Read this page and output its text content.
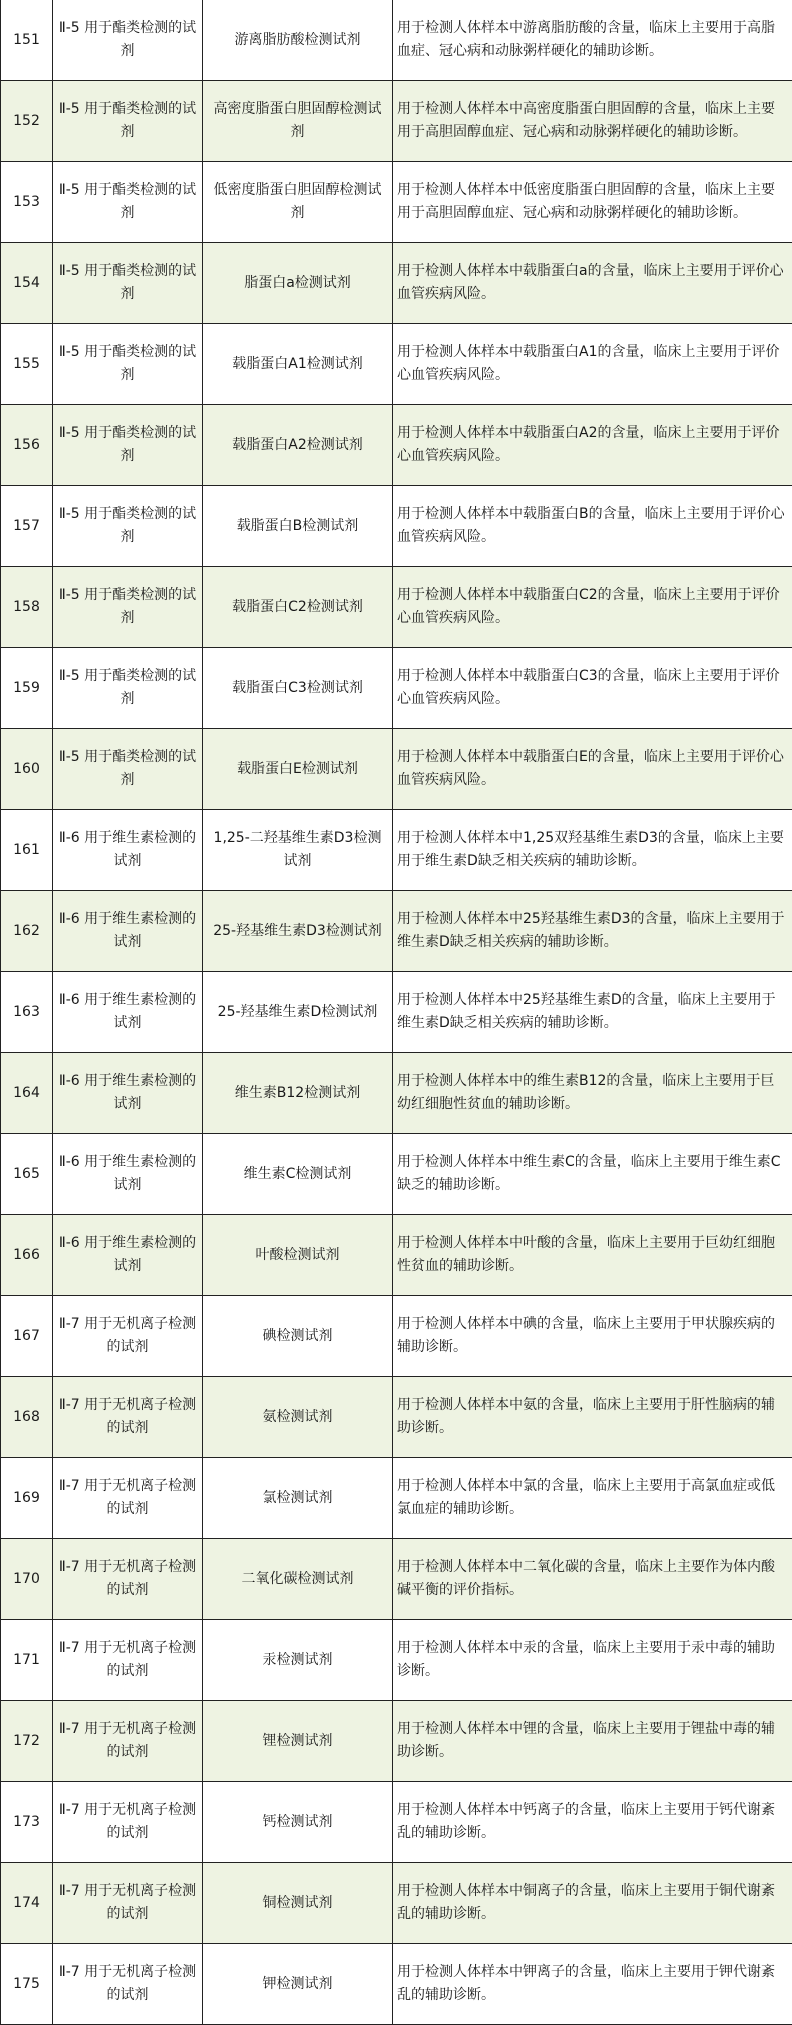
151	Ⅱ-5 用于酯类检测的试剂	游离脂肪酸检测试剂	用于检测人体样本中游离脂肪酸的含量，临床上主要用于高脂血症、冠心病和动脉粥样硬化的辅助诊断。
152	Ⅱ-5 用于酯类检测的试剂	高密度脂蛋白胆固醇检测试剂	用于检测人体样本中高密度脂蛋白胆固醇的含量，临床上主要用于高胆固醇血症、冠心病和动脉粥样硬化的辅助诊断。
153	Ⅱ-5 用于酯类检测的试剂	低密度脂蛋白胆固醇检测试剂	用于检测人体样本中低密度脂蛋白胆固醇的含量，临床上主要用于高胆固醇血症、冠心病和动脉粥样硬化的辅助诊断。
154	Ⅱ-5 用于酯类检测的试剂	脂蛋白a检测试剂	用于检测人体样本中载脂蛋白a的含量，临床上主要用于评价心血管疾病风险。
155	Ⅱ-5 用于酯类检测的试剂	载脂蛋白A1检测试剂	用于检测人体样本中载脂蛋白A1的含量，临床上主要用于评价心血管疾病风险。
156	Ⅱ-5 用于酯类检测的试剂	载脂蛋白A2检测试剂	用于检测人体样本中载脂蛋白A2的含量，临床上主要用于评价心血管疾病风险。
157	Ⅱ-5 用于酯类检测的试剂	载脂蛋白B检测试剂	用于检测人体样本中载脂蛋白B的含量，临床上主要用于评价心血管疾病风险。
158	Ⅱ-5 用于酯类检测的试剂	载脂蛋白C2检测试剂	用于检测人体样本中载脂蛋白C2的含量，临床上主要用于评价心血管疾病风险。
159	Ⅱ-5 用于酯类检测的试剂	载脂蛋白C3检测试剂	用于检测人体样本中载脂蛋白C3的含量，临床上主要用于评价心血管疾病风险。
160	Ⅱ-5 用于酯类检测的试剂	载脂蛋白E检测试剂	用于检测人体样本中载脂蛋白E的含量，临床上主要用于评价心血管疾病风险。
161	Ⅱ-6 用于维生素检测的试剂	1,25-二羟基维生素D3检测试剂	用于检测人体样本中1,25双羟基维生素D3的含量，临床上主要用于维生素D缺乏相关疾病的辅助诊断。
162	Ⅱ-6 用于维生素检测的试剂	25-羟基维生素D3检测试剂	用于检测人体样本中25羟基维生素D3的含量，临床上主要用于维生素D缺乏相关疾病的辅助诊断。
163	Ⅱ-6 用于维生素检测的试剂	25-羟基维生素D检测试剂	用于检测人体样本中25羟基维生素D的含量，临床上主要用于维生素D缺乏相关疾病的辅助诊断。
164	Ⅱ-6 用于维生素检测的试剂	维生素B12检测试剂	用于检测人体样本中的维生素B12的含量，临床上主要用于巨幼红细胞性贫血的辅助诊断。
165	Ⅱ-6 用于维生素检测的试剂	维生素C检测试剂	用于检测人体样本中维生素C的含量，临床上主要用于维生素C缺乏的辅助诊断。
166	Ⅱ-6 用于维生素检测的试剂	叶酸检测试剂	用于检测人体样本中叶酸的含量，临床上主要用于巨幼红细胞性贫血的辅助诊断。
167	Ⅱ-7 用于无机离子检测的试剂	碘检测试剂	用于检测人体样本中碘的含量，临床上主要用于甲状腺疾病的辅助诊断。
168	Ⅱ-7 用于无机离子检测的试剂	氨检测试剂	用于检测人体样本中氨的含量，临床上主要用于肝性脑病的辅助诊断。
169	Ⅱ-7 用于无机离子检测的试剂	氯检测试剂	用于检测人体样本中氯的含量，临床上主要用于高氯血症或低氯血症的辅助诊断。
170	Ⅱ-7 用于无机离子检测的试剂	二氧化碳检测试剂	用于检测人体样本中二氧化碳的含量，临床上主要作为体内酸碱平衡的评价指标。
171	Ⅱ-7 用于无机离子检测的试剂	汞检测试剂	用于检测人体样本中汞的含量，临床上主要用于汞中毒的辅助诊断。
172	Ⅱ-7 用于无机离子检测的试剂	锂检测试剂	用于检测人体样本中锂的含量，临床上主要用于锂盐中毒的辅助诊断。
173	Ⅱ-7 用于无机离子检测的试剂	钙检测试剂	用于检测人体样本中钙离子的含量，临床上主要用于钙代谢紊乱的辅助诊断。
174	Ⅱ-7 用于无机离子检测的试剂	铜检测试剂	用于检测人体样本中铜离子的含量，临床上主要用于铜代谢紊乱的辅助诊断。
175	Ⅱ-7 用于无机离子检测的试剂	钾检测试剂	用于检测人体样本中钾离子的含量，临床上主要用于钾代谢紊乱的辅助诊断。
